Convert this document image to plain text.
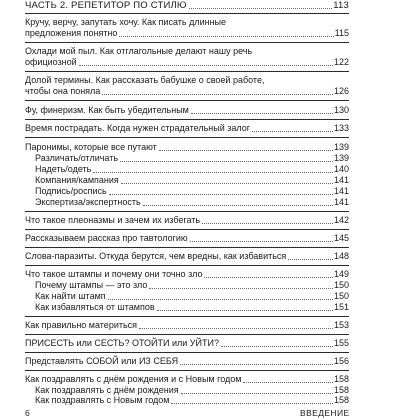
ЧАСТЬ 2. РЕПЕТИТОР ПО СТИЛЮ	113
Кручу, верчу, запутать хочу. Как писать длинные
предложения понятно	115
Охлади мой пыл. Как отглагольные делают нашу речь
официозной	122
Долой термины. Как рассказать бабушке о своей работе,
чтобы она поняла	126
Фу, финеризм. Как быть убедительным	130
Время пострадать. Когда нужен страдательный залог	133
Паронимы, которые все путают	139
Различать/отличать	139
Надеть/одеть	140
Компания/кампания	141
Подпись/роспись	141
Экспертиза/экспертность	141
Что такое плеоназмы и зачем их избегать	142
Рассказываем рассказ про тавтологию	145
Слова-паразиты. Откуда берутся, чем вредны, как избавиться	148
Что такое штампы и почему они точно зло	149
Почему штампы — это зло	150
Как найти штамп	150
Как избавляться от штампов	151
Как правильно материться	153
ПРИСЕСТЬ или СЕСТЬ? ОТОЙТИ или УЙТИ?	155
Представлять СОБОЙ или ИЗ СЕБЯ	156
Как поздравлять с днём рождения и с Новым годом	158
Как поздравлять с днём рождения	158
Как поздравлять с Новым годом	158
6	ВВЕДЕНИЕ
